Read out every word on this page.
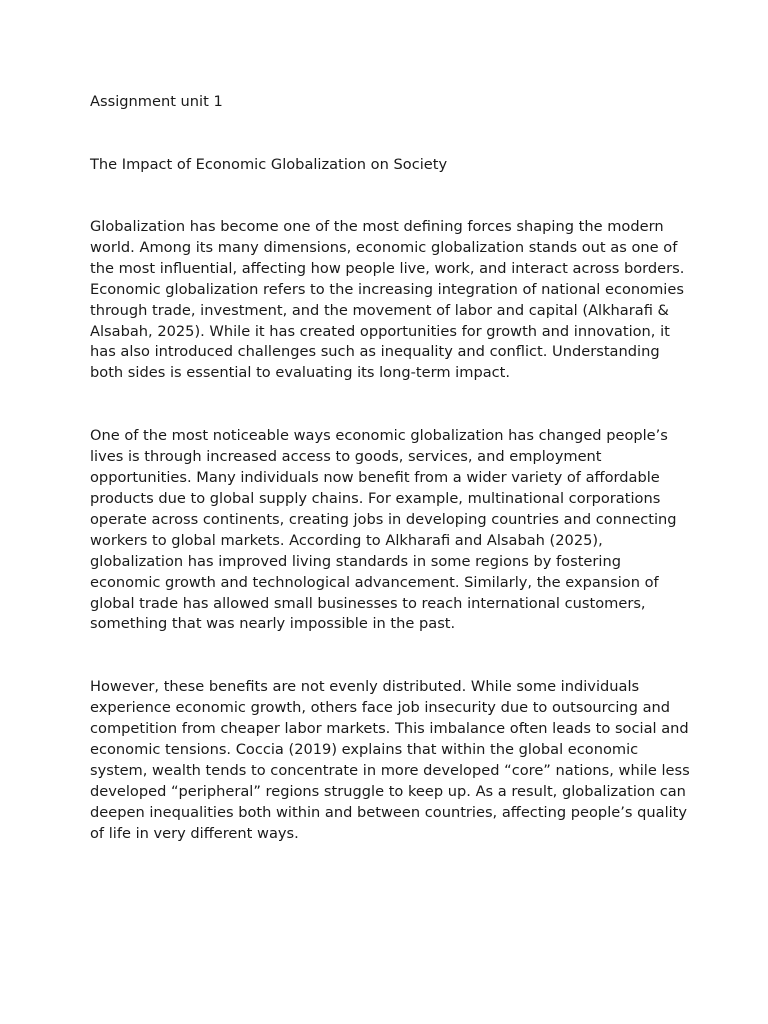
Assignment unit 1

The Impact of Economic Globalization on Society

Globalization has become one of the most defining forces shaping the modern world. Among its many dimensions, economic globalization stands out as one of the most influential, affecting how people live, work, and interact across borders. Economic globalization refers to the increasing integration of national economies through trade, investment, and the movement of labor and capital (Alkharafi & Alsabah, 2025). While it has created opportunities for growth and innovation, it has also introduced challenges such as inequality and conflict. Understanding both sides is essential to evaluating its long-term impact.

One of the most noticeable ways economic globalization has changed people’s lives is through increased access to goods, services, and employment opportunities. Many individuals now benefit from a wider variety of affordable products due to global supply chains. For example, multinational corporations operate across continents, creating jobs in developing countries and connecting workers to global markets. According to Alkharafi and Alsabah (2025), globalization has improved living standards in some regions by fostering economic growth and technological advancement. Similarly, the expansion of global trade has allowed small businesses to reach international customers, something that was nearly impossible in the past.

However, these benefits are not evenly distributed. While some individuals experience economic growth, others face job insecurity due to outsourcing and competition from cheaper labor markets. This imbalance often leads to social and economic tensions. Coccia (2019) explains that within the global economic system, wealth tends to concentrate in more developed “core” nations, while less developed “peripheral” regions struggle to keep up. As a result, globalization can deepen inequalities both within and between countries, affecting people’s quality of life in very different ways.
